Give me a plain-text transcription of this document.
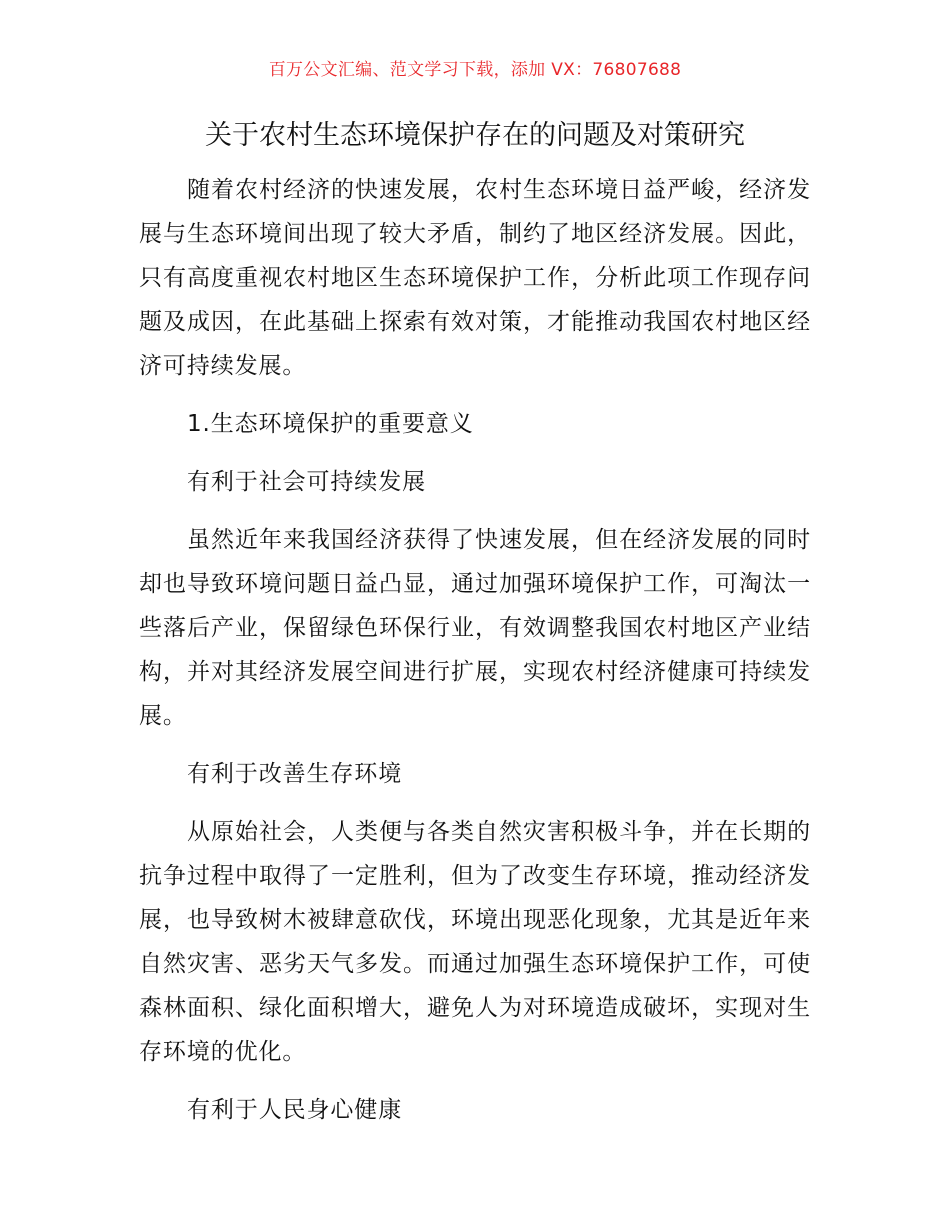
百万公文汇编、范文学习下载，添加 VX：76807688
关于农村生态环境保护存在的问题及对策研究

随着农村经济的快速发展，农村生态环境日益严峻，经济发展与生态环境间出现了较大矛盾，制约了地区经济发展。因此，只有高度重视农村地区生态环境保护工作，分析此项工作现存问题及成因，在此基础上探索有效对策，才能推动我国农村地区经济可持续发展。

1.生态环境保护的重要意义

有利于社会可持续发展

虽然近年来我国经济获得了快速发展，但在经济发展的同时却也导致环境问题日益凸显，通过加强环境保护工作，可淘汰一些落后产业，保留绿色环保行业，有效调整我国农村地区产业结构，并对其经济发展空间进行扩展，实现农村经济健康可持续发展。

有利于改善生存环境

从原始社会，人类便与各类自然灾害积极斗争，并在长期的抗争过程中取得了一定胜利，但为了改变生存环境，推动经济发展，也导致树木被肆意砍伐，环境出现恶化现象，尤其是近年来自然灾害、恶劣天气多发。而通过加强生态环境保护工作，可使森林面积、绿化面积增大，避免人为对环境造成破坏，实现对生存环境的优化。

有利于人民身心健康
